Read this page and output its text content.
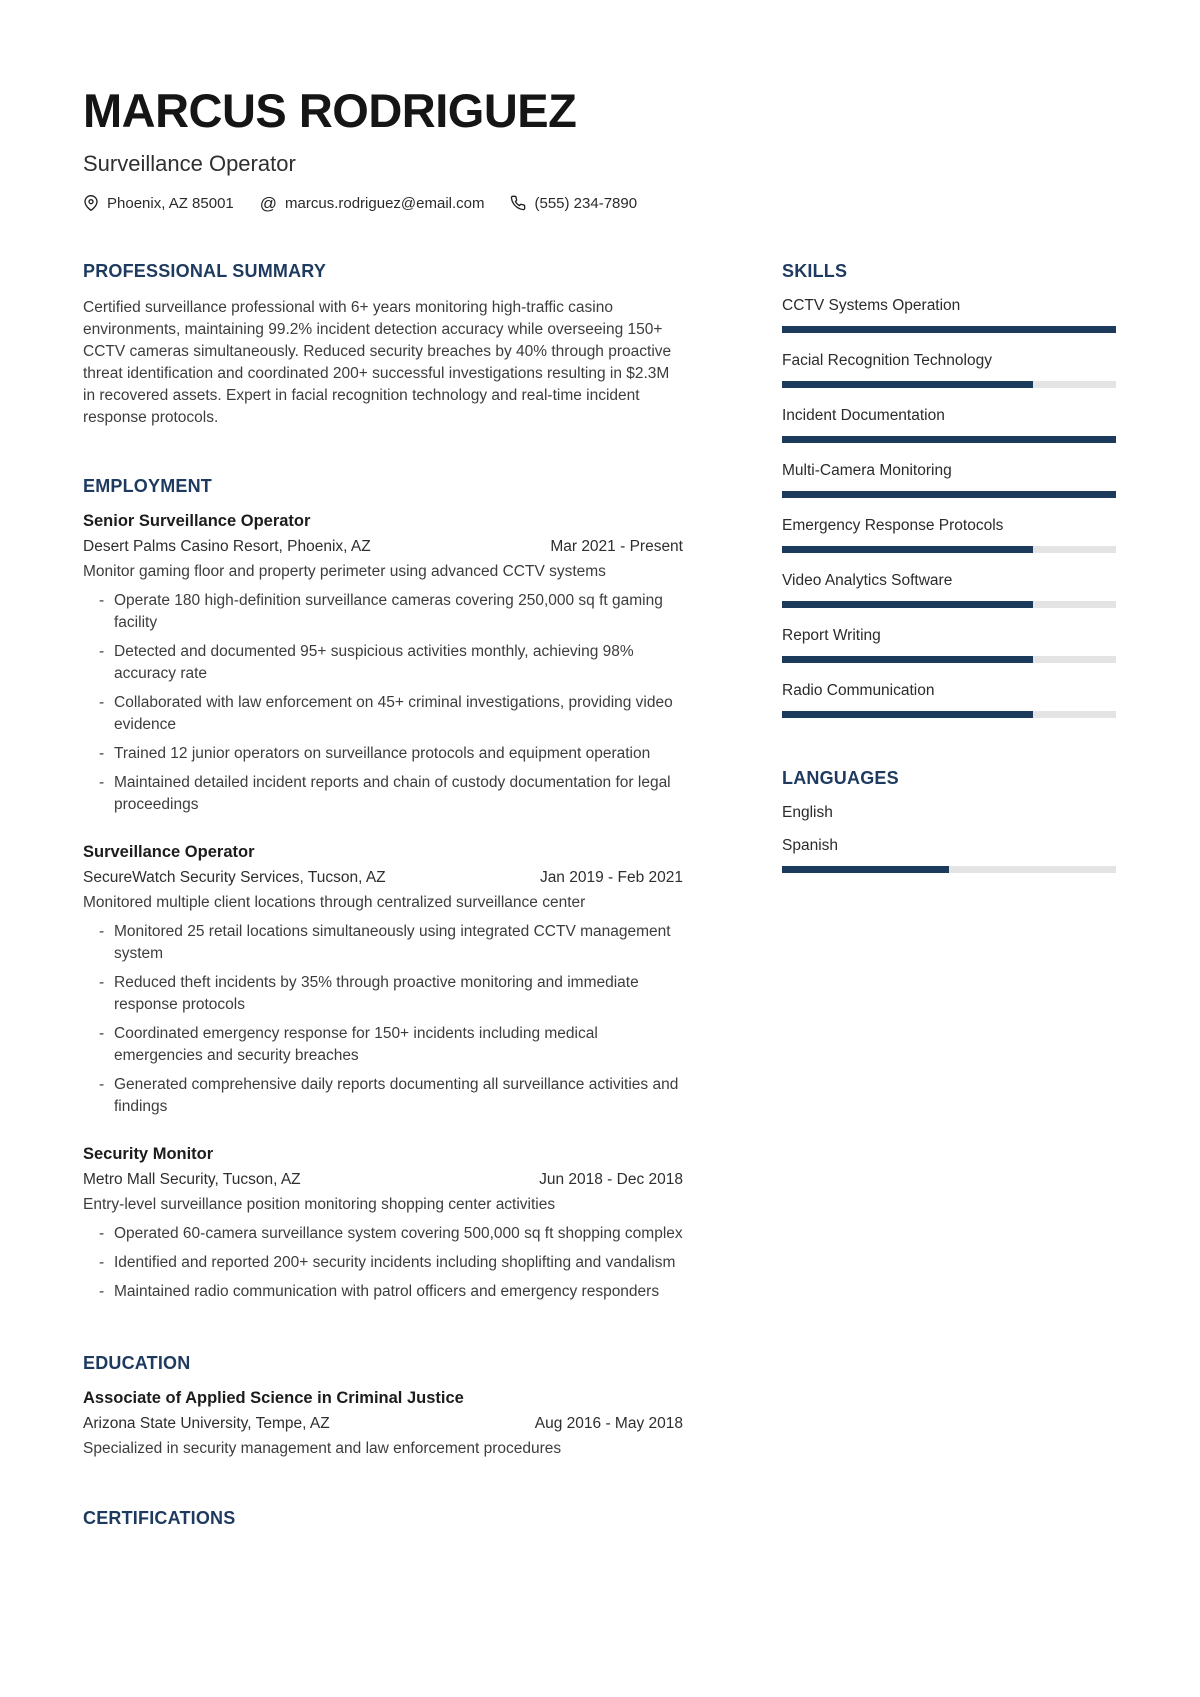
MARCUS RODRIGUEZ
Surveillance Operator
Phoenix, AZ 85001 @ marcus.rodriguez@email.com	(555) 234-7890
PROFESSIONAL SUMMARY

Certified surveillance professional with 6+ years monitoring high-traffic casino environments, maintaining 99.2% incident detection accuracy while overseeing 150+ CCTV cameras simultaneously. Reduced security breaches by 40% through proactive threat identification and coordinated 200+ successful investigations resulting in $2.3M in recovered assets. Expert in facial recognition technology and real-time incident response protocols.

EMPLOYMENT
Senior Surveillance Operator
Desert Palms Casino Resort, Phoenix, AZ	Mar 2021 - Present
Monitor gaming floor and property perimeter using advanced CCTV systems
- Operate 180 high-definition surveillance cameras covering 250,000 sq ft gaming facility
- Detected and documented 95+ suspicious activities monthly, achieving 98% accuracy rate
- Collaborated with law enforcement on 45+ criminal investigations, providing video evidence
- Trained 12 junior operators on surveillance protocols and equipment operation
- Maintained detailed incident reports and chain of custody documentation for legal proceedings
Surveillance Operator
SecureWatch Security Services, Tucson, AZ	Jan 2019 - Feb 2021
Monitored multiple client locations through centralized surveillance center
- Monitored 25 retail locations simultaneously using integrated CCTV management system
- Reduced theft incidents by 35% through proactive monitoring and immediate response protocols
- Coordinated emergency response for 150+ incidents including medical emergencies and security breaches
- Generated comprehensive daily reports documenting all surveillance activities and findings
Security Monitor
Metro Mall Security, Tucson, AZ	Jun 2018 - Dec 2018
Entry-level surveillance position monitoring shopping center activities
- Operated 60-camera surveillance system covering 500,000 sq ft shopping complex
- Identified and reported 200+ security incidents including shoplifting and vandalism
- Maintained radio communication with patrol officers and emergency responders
EDUCATION
Associate of Applied Science in Criminal Justice
Arizona State University, Tempe, AZ	Aug 2016 - May 2018
Specialized in security management and law enforcement procedures
CERTIFICATIONS
SKILLS
CCTV Systems Operation
Facial Recognition Technology
Incident Documentation
Multi-Camera Monitoring
Emergency Response Protocols
Video Analytics Software
Report Writing
Radio Communication
LANGUAGES
English
Spanish
